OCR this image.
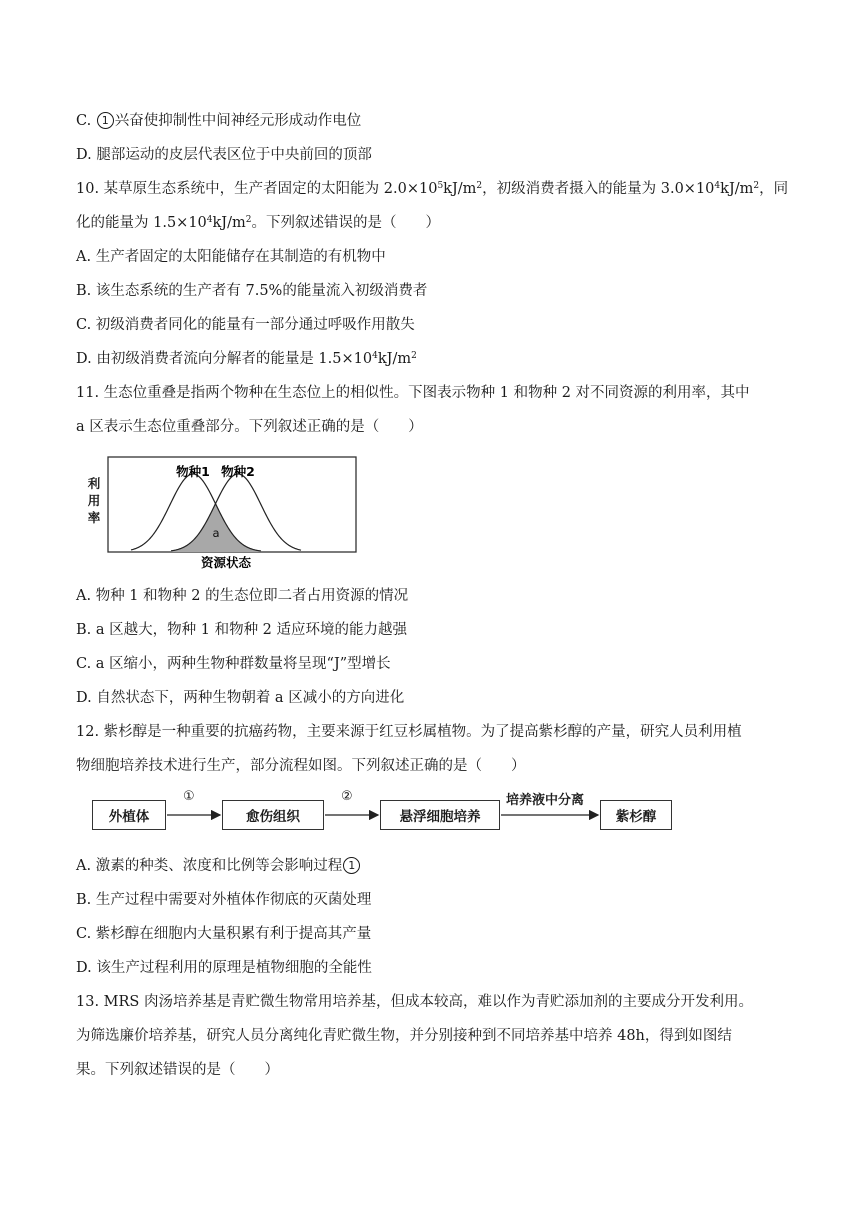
C. 1 兴奋使抑制性中间神经元形成动作电位
D. 腿部运动的皮层代表区位于中央前回的顶部
10. 某草原生态系统中，生产者固定的太阳能为 $2.0\times 10^5kJ/m^2$，初级消费者摄入的能量为 $3.0\times 10^4kJ/m^2$，同
化的能量为 $1.5\times 10^4kJ/m^2$。下列叙述错误的是（　　）
A. 生产者固定的太阳能储存在其制造的有机物中
B. 该生态系统的生产者有 7.5%的能量流入初级消费者
C. 初级消费者同化的能量有一部分通过呼吸作用散失
D. 由初级消费者流向分解者的能量是 $1.5\times 10^4kJ/m^2$
11. 生态位重叠是指两个物种在生态位上的相似性。下图表示物种 1 和物种 2 对不同资源的利用率，其中
a 区表示生态位重叠部分。下列叙述正确的是（　　）
物种1 物种2
a
资源状态
利用率
A. 物种 1 和物种 2 的生态位即二者占用资源的情况
B. a 区越大，物种 1 和物种 2 适应环境的能力越强
C. a 区缩小，两种生物种群数量将呈现“J”型增长
D. 自然状态下，两种生物朝着 a 区减小的方向进化
12. 紫杉醇是一种重要的抗癌药物，主要来源于红豆杉属植物。为了提高紫杉醇的产量，研究人员利用植
物细胞培养技术进行生产，部分流程如图。下列叙述正确的是（　　）
外植体	愈伤组织	悬浮细胞培养	紫杉醇
①	②	培养液中分离
A. 激素的种类、浓度和比例等会影响过程 1
B. 生产过程中需要对外植体作彻底的灭菌处理
C. 紫杉醇在细胞内大量积累有利于提高其产量
D. 该生产过程利用的原理是植物细胞的全能性
13. MRS 肉汤培养基是青贮微生物常用培养基，但成本较高，难以作为青贮添加剂的主要成分开发利用。
为筛选廉价培养基，研究人员分离纯化青贮微生物，并分别接种到不同培养基中培养 48h，得到如图结
果。下列叙述错误的是（　　）
